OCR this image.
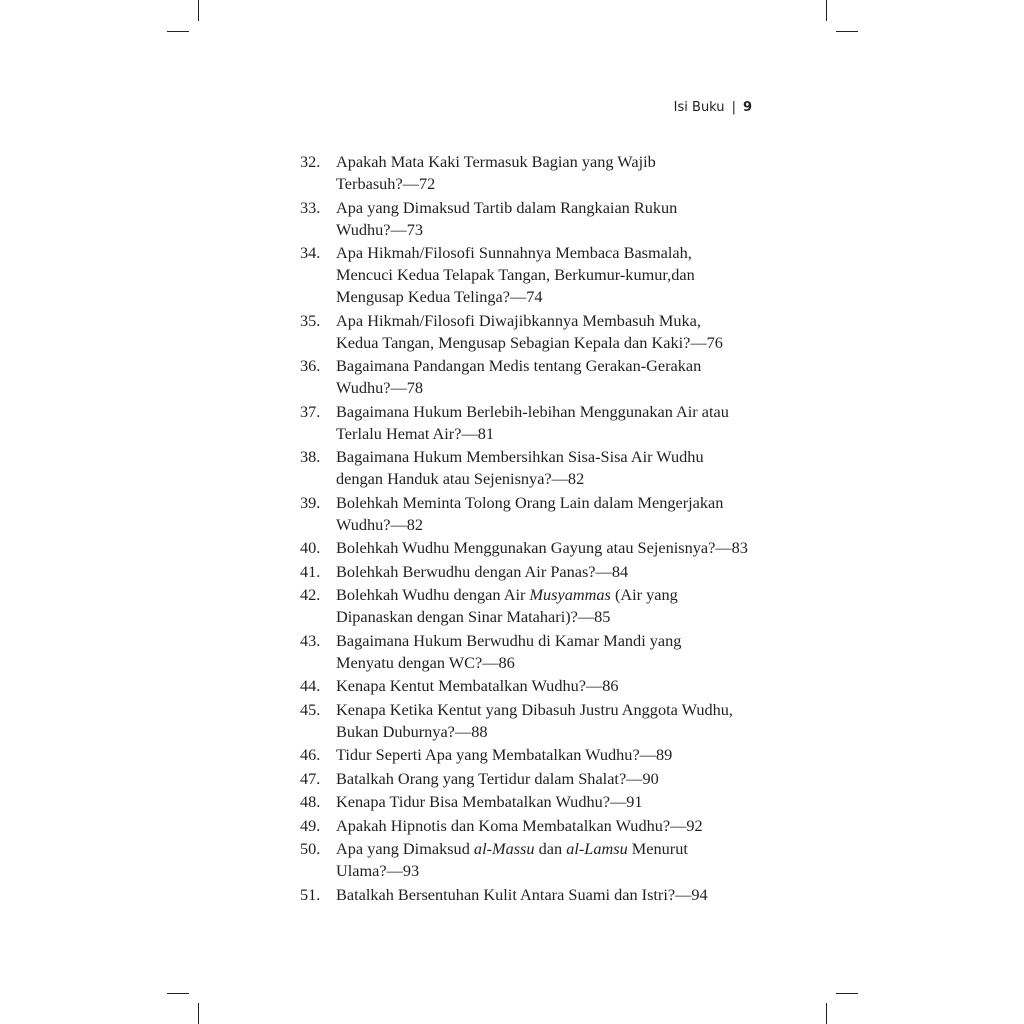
Isi Buku | 9
32. Apakah Mata Kaki Termasuk Bagian yang Wajib
Terbasuh?—72
33. Apa yang Dimaksud Tartib dalam Rangkaian Rukun
Wudhu?—73
34. Apa Hikmah/Filosofi Sunnahnya Membaca Basmalah,
Mencuci Kedua Telapak Tangan, Berkumur-kumur,dan
Mengusap Kedua Telinga?—74
35. Apa Hikmah/Filosofi Diwajibkannya Membasuh Muka,
Kedua Tangan, Mengusap Sebagian Kepala dan Kaki?—76
36. Bagaimana Pandangan Medis tentang Gerakan-Gerakan
Wudhu?—78
37. Bagaimana Hukum Berlebih-lebihan Menggunakan Air atau
Terlalu Hemat Air?—81
38. Bagaimana Hukum Membersihkan Sisa-Sisa Air Wudhu
dengan Handuk atau Sejenisnya?—82
39. Bolehkah Meminta Tolong Orang Lain dalam Mengerjakan
Wudhu?—82
40. Bolehkah Wudhu Menggunakan Gayung atau Sejenisnya?—83
41. Bolehkah Berwudhu dengan Air Panas?—84
42. Bolehkah Wudhu dengan Air Musyammas (Air yang
Dipanaskan dengan Sinar Matahari)?—85
43. Bagaimana Hukum Berwudhu di Kamar Mandi yang
Menyatu dengan WC?—86
44. Kenapa Kentut Membatalkan Wudhu?—86
45. Kenapa Ketika Kentut yang Dibasuh Justru Anggota Wudhu,
Bukan Duburnya?—88
46. Tidur Seperti Apa yang Membatalkan Wudhu?—89
47. Batalkah Orang yang Tertidur dalam Shalat?—90
48. Kenapa Tidur Bisa Membatalkan Wudhu?—91
49. Apakah Hipnotis dan Koma Membatalkan Wudhu?—92
50. Apa yang Dimaksud al-Massu dan al-Lamsu Menurut
Ulama?—93
51. Batalkah Bersentuhan Kulit Antara Suami dan Istri?—94
